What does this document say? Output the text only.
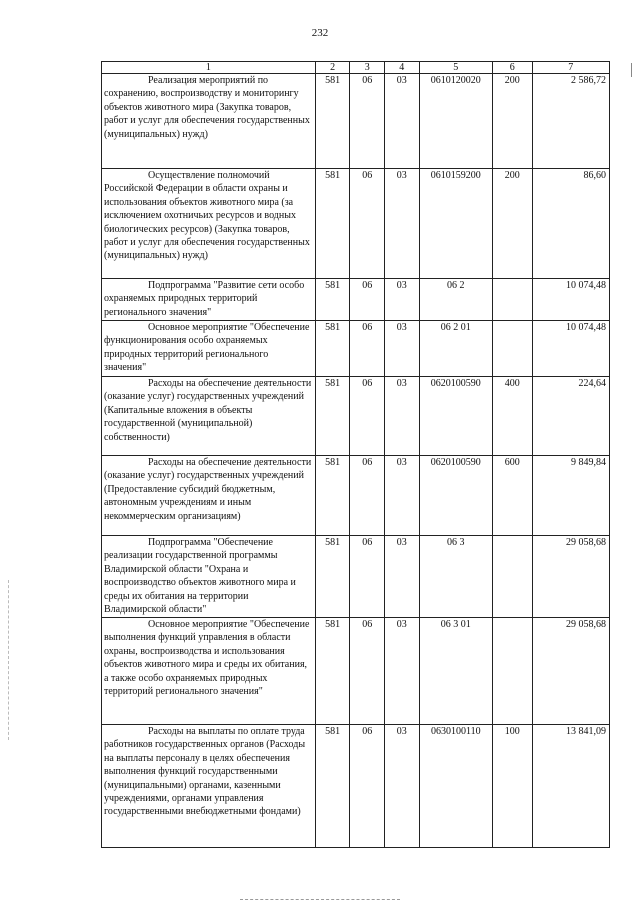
232
1	2	3	4	5	6	7

Реализация мероприятий по сохранению, воспроизводству и мониторингу объектов животного мира (Закупка товаров, работ и услуг для обеспечения государственных (муниципальных) нужд)	581	06	03	0610120020	200	2 586,72

Осуществление полномочий Российской Федерации в области охраны и использования объектов животного мира (за исключением охотничьих ресурсов и водных биологических ресурсов) (Закупка товаров, работ и услуг для обеспечения государственных (муниципальных) нужд)	581	06	03	0610159200	200	86,60

Подпрограмма "Развитие сети особо охраняемых природных территорий регионального значения"	581	06	03	06 2		10 074,48

Основное мероприятие "Обеспечение функционирования особо охраняемых природных территорий регионального значения"	581	06	03	06 2 01		10 074,48

Расходы на обеспечение деятельности (оказание услуг) государственных учреждений (Капитальные вложения в объекты государственной (муниципальной) собственности)	581	06	03	0620100590	400	224,64

Расходы на обеспечение деятельности (оказание услуг) государственных учреждений (Предоставление субсидий бюджетным, автономным учреждениям и иным некоммерческим организациям)	581	06	03	0620100590	600	9 849,84

Подпрограмма "Обеспечение реализации государственной программы Владимирской области "Охрана и воспроизводство объектов животного мира и среды их обитания на территории Владимирской области"	581	06	03	06 3		29 058,68

Основное мероприятие "Обеспечение выполнения функций управления в области охраны, воспроизводства и использования объектов животного мира и среды их обитания, а также особо охраняемых природных территорий регионального значения"	581	06	03	06 3 01		29 058,68

Расходы на выплаты по оплате труда работников государственных органов (Расходы на выплаты персоналу в целях обеспечения выполнения функций государственными (муниципальными) органами, казенными учреждениями, органами управления государственными внебюджетными фондами)	581	06	03	0630100110	100	13 841,09
